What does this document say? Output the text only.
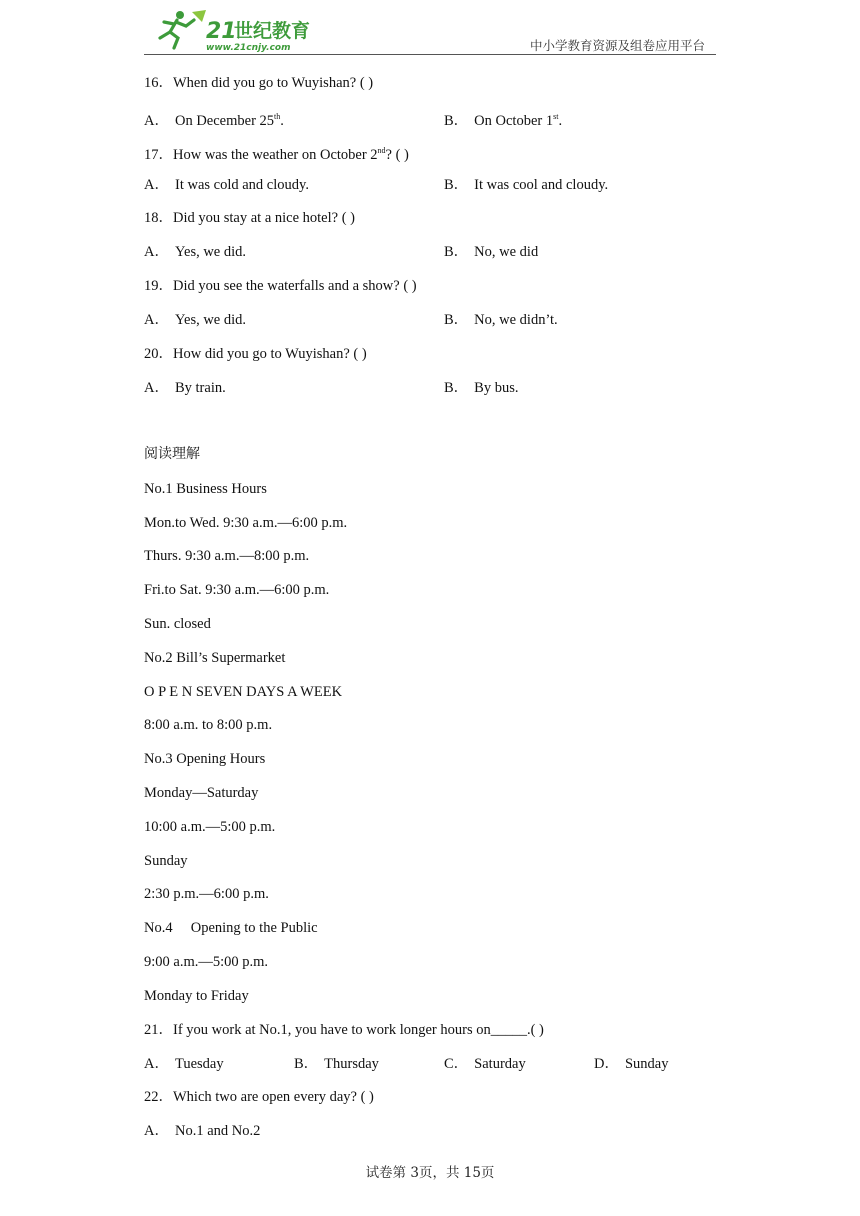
21
世纪教育
www.21cnjy.com	中小学教育资源及组卷应用平台
16．When did you go to Wuyishan? ( )
A． On December 25th.	B． On October 1st.
17．How was the weather on October 2nd? ( )
A． It was cold and cloudy.	B． It was cool and cloudy.
18．Did you stay at a nice hotel? ( )
A． Yes, we did.	B． No, we did
19．Did you see the waterfalls and a show? ( )
A． Yes, we did.	B． No, we didn’t.
20．How did you go to Wuyishan? ( )
A． By train.	B． By bus.
阅读理解
No.1 Business Hours
Mon.to Wed. 9:30 a.m.—6:00 p.m.
Thurs. 9:30 a.m.—8:00 p.m.
Fri.to Sat. 9:30 a.m.—6:00 p.m.
Sun. closed
No.2 Bill’s Supermarket
O P E N SEVEN DAYS A WEEK
8:00 a.m. to 8:00 p.m.
No.3 Opening Hours
Monday—Saturday
10:00 a.m.—5:00 p.m.
Sunday
2:30 p.m.—6:00 p.m.
No.4     Opening to the Public
9:00 a.m.—5:00 p.m.
Monday to Friday
21．If you work at No.1, you have to work longer hours on_____.( )
A． Tuesday	B． Thursday	C． Saturday	D． Sunday
22．Which two are open every day? ( )
A． No.1 and No.2
试卷第 3页，共 15页
